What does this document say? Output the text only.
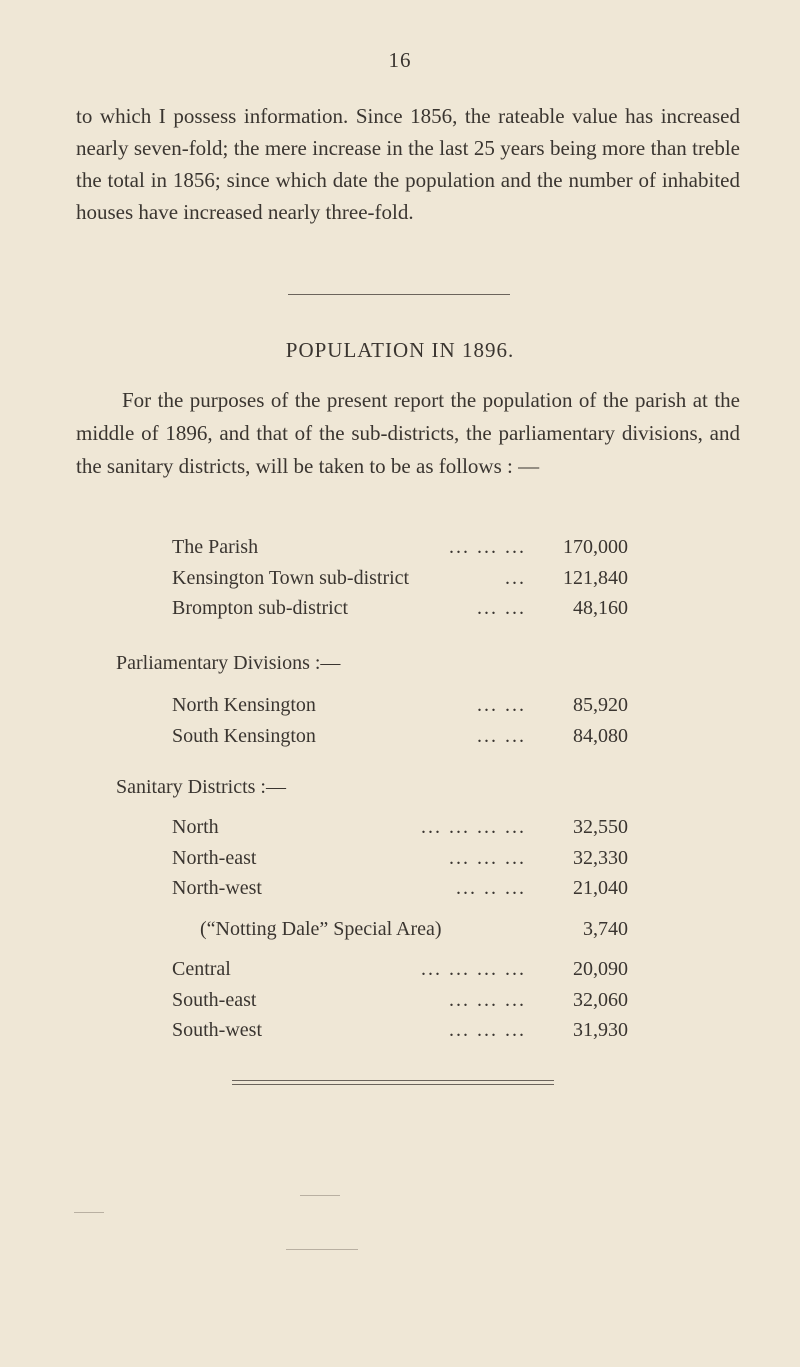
16

to which I possess information. Since 1856, the rateable value has increased nearly seven-fold; the mere increase in the last 25 years being more than treble the total in 1856; since which date the population and the number of inhabited houses have increased nearly three-fold.

POPULATION IN 1896.

For the purposes of the present report the population of the parish at the middle of 1896, and that of the sub-districts, the parliamentary divisions, and the sanitary districts, will be taken to be as follows : —

The Parish	... ... ...	170,000
Kensington Town sub-district	...	121,840
Brompton sub-district	... ...	48,160
Parliamentary Divisions :—
North Kensington	... ...	85,920
South Kensington	... ...	84,080
Sanitary Districts :—
North	... ... ... ...	32,550
North-east	... ... ...	32,330
North-west	... .. ...	21,040
(“Notting Dale” Special Area)	3,740
Central	... ... ... ...	20,090
South-east	... ... ...	32,060
South-west	... ... ...	31,930
